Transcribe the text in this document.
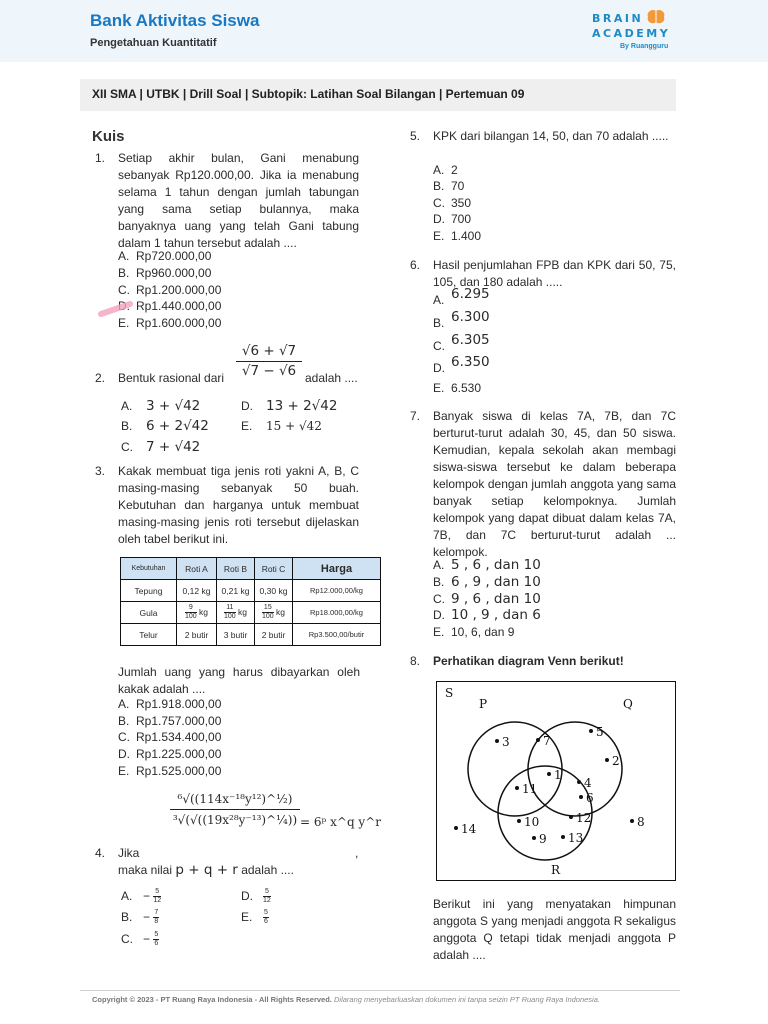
Bank Aktivitas Siswa
Pengetahuan Kuantitatif
BRAIN
ACADEMY
By Ruangguru
XII SMA | UTBK | Drill Soal | Subtopik: Latihan Soal Bilangan | Pertemuan 09
Kuis
1. Setiap akhir bulan, Gani menabung sebanyak Rp120.000,00. Jika ia menabung selama 1 tahun dengan jumlah tabungan yang sama setiap bulannya, maka banyaknya uang yang telah Gani tabung dalam 1 tahun tersebut adalah ....
A. Rp720.000,00
B. Rp960.000,00
C. Rp1.200.000,00
Rp1.440.000,00
E. Rp1.600.000,00
2. Bentuk rasional dari $\frac{√6 + √7}{√7 - √6}$ adalah ....
A. 3 + √42
B. 6 + 2√42
C. 7 + √42
D. 13 + 2√42
E. 15 + √42
3. Kakak membuat tiga jenis roti yakni A, B, C masing-masing sebanyak 50 buah. Kebutuhan dan harganya untuk membuat masing-masing jenis roti tersebut dijelaskan oleh tabel berikut ini.
Kebutuhan	Roti A	Roti B	Roti C	Harga
Tepung	0,12 kg	0,21 kg	0,30 kg	Rp12.000,00/kg
Gula	$\frac{9}{100}$ kg	$\frac{11}{100}$ kg	$\frac{15}{100}$ kg	Rp18.000,00/kg
Telur	2 butir	3 butir	2 butir	Rp3.500,00/butir
Jumlah uang yang harus dibayarkan oleh kakak adalah ....
A. Rp1.918.000,00
B. Rp1.757.000,00
C. Rp1.534.400,00
D. Rp1.225.000,00
E. Rp1.525.000,00
$\frac{\text{⁶√((114x⁻¹⁸y¹²)\textasciicircum{}½)}}{\text{³√(√((19x²⁸y⁻¹³)\textasciicircum{}¼))}}$ = 6ᵖ x^q y^r
4. Jika	,
maka nilai p + q + r adalah ....
A. − $\frac{5}{12}$
B. − $\frac{7}{8}$
C. − $\frac{5}{6}$
D. $\frac{5}{12}$
E. $\frac{5}{6}$
5. KPK dari bilangan 14, 50, dan 70 adalah .....
A. 2
B. 70
C. 350
D. 700
E. 1.400
6. Hasil penjumlahan FPB dan KPK dari 50, 75, 105, dan 180 adalah .....
A. 6.295
B. 6.300
C. 6.305
D. 6.350
E. 6.530
7. Banyak siswa di kelas 7A, 7B, dan 7C berturut-turut adalah 30, 45, dan 50 siswa. Kemudian, kepala sekolah akan membagi siswa-siswa tersebut ke dalam beberapa kelompok dengan jumlah anggota yang sama banyak setiap kelompoknya. Jumlah kelompok yang dapat dibuat dalam kelas 7A, 7B, dan 7C berturut-turut adalah ... kelompok.
A. 5 , 6 , dan 10
B. 6 , 9 , dan 10
C. 9 , 6 , dan 10
D. 10 , 9 , dan 6
E. 10, 6, dan 9
8. Perhatikan diagram Venn berikut!
S
P	Q
R
3	7
5
2
1
11	4
6
10	12
9 13
14	8
Berikut ini yang menyatakan himpunan anggota S yang menjadi anggota R sekaligus anggota Q tetapi tidak menjadi anggota P adalah ....
Copyright © 2023 - PT Ruang Raya Indonesia - All Rights Reserved. Dilarang menyebarluaskan dokumen ini tanpa seizin PT Ruang Raya Indonesia.
